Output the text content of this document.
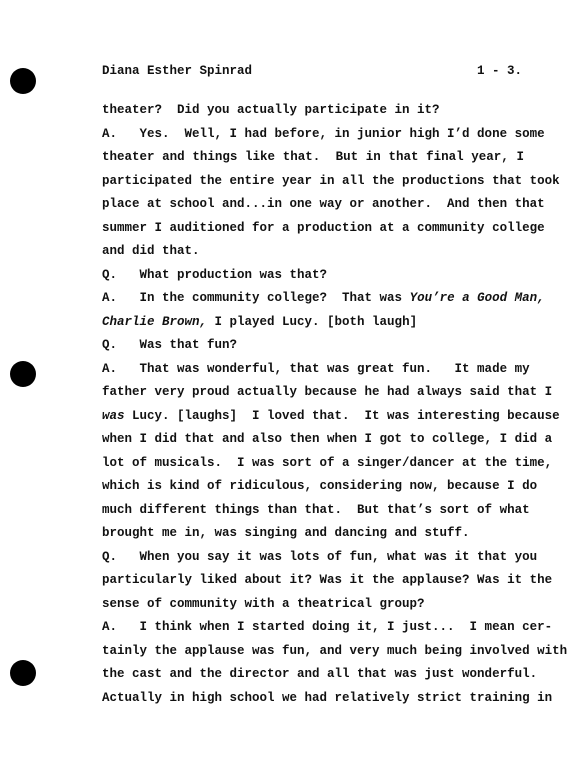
Diana Esther Spinrad	1 - 3.
theater?  Did you actually participate in it?
A.   Yes.  Well, I had before, in junior high I’d done some
theater and things like that.  But in that final year, I
participated the entire year in all the productions that took
place at school and...in one way or another.  And then that
summer I auditioned for a production at a community college
and did that.
Q.   What production was that?
A.   In the community college?  That was You’re a Good Man,
Charlie Brown, I played Lucy. [both laugh]
Q.   Was that fun?
A.   That was wonderful, that was great fun.   It made my
father very proud actually because he had always said that I
was Lucy. [laughs]  I loved that.  It was interesting because
when I did that and also then when I got to college, I did a
lot of musicals.  I was sort of a singer/dancer at the time,
which is kind of ridiculous, considering now, because I do
much different things than that.  But that’s sort of what
brought me in, was singing and dancing and stuff.
Q.   When you say it was lots of fun, what was it that you
particularly liked about it? Was it the applause? Was it the
sense of community with a theatrical group?
A.   I think when I started doing it, I just...  I mean cer-
tainly the applause was fun, and very much being involved with
the cast and the director and all that was just wonderful.
Actually in high school we had relatively strict training in
